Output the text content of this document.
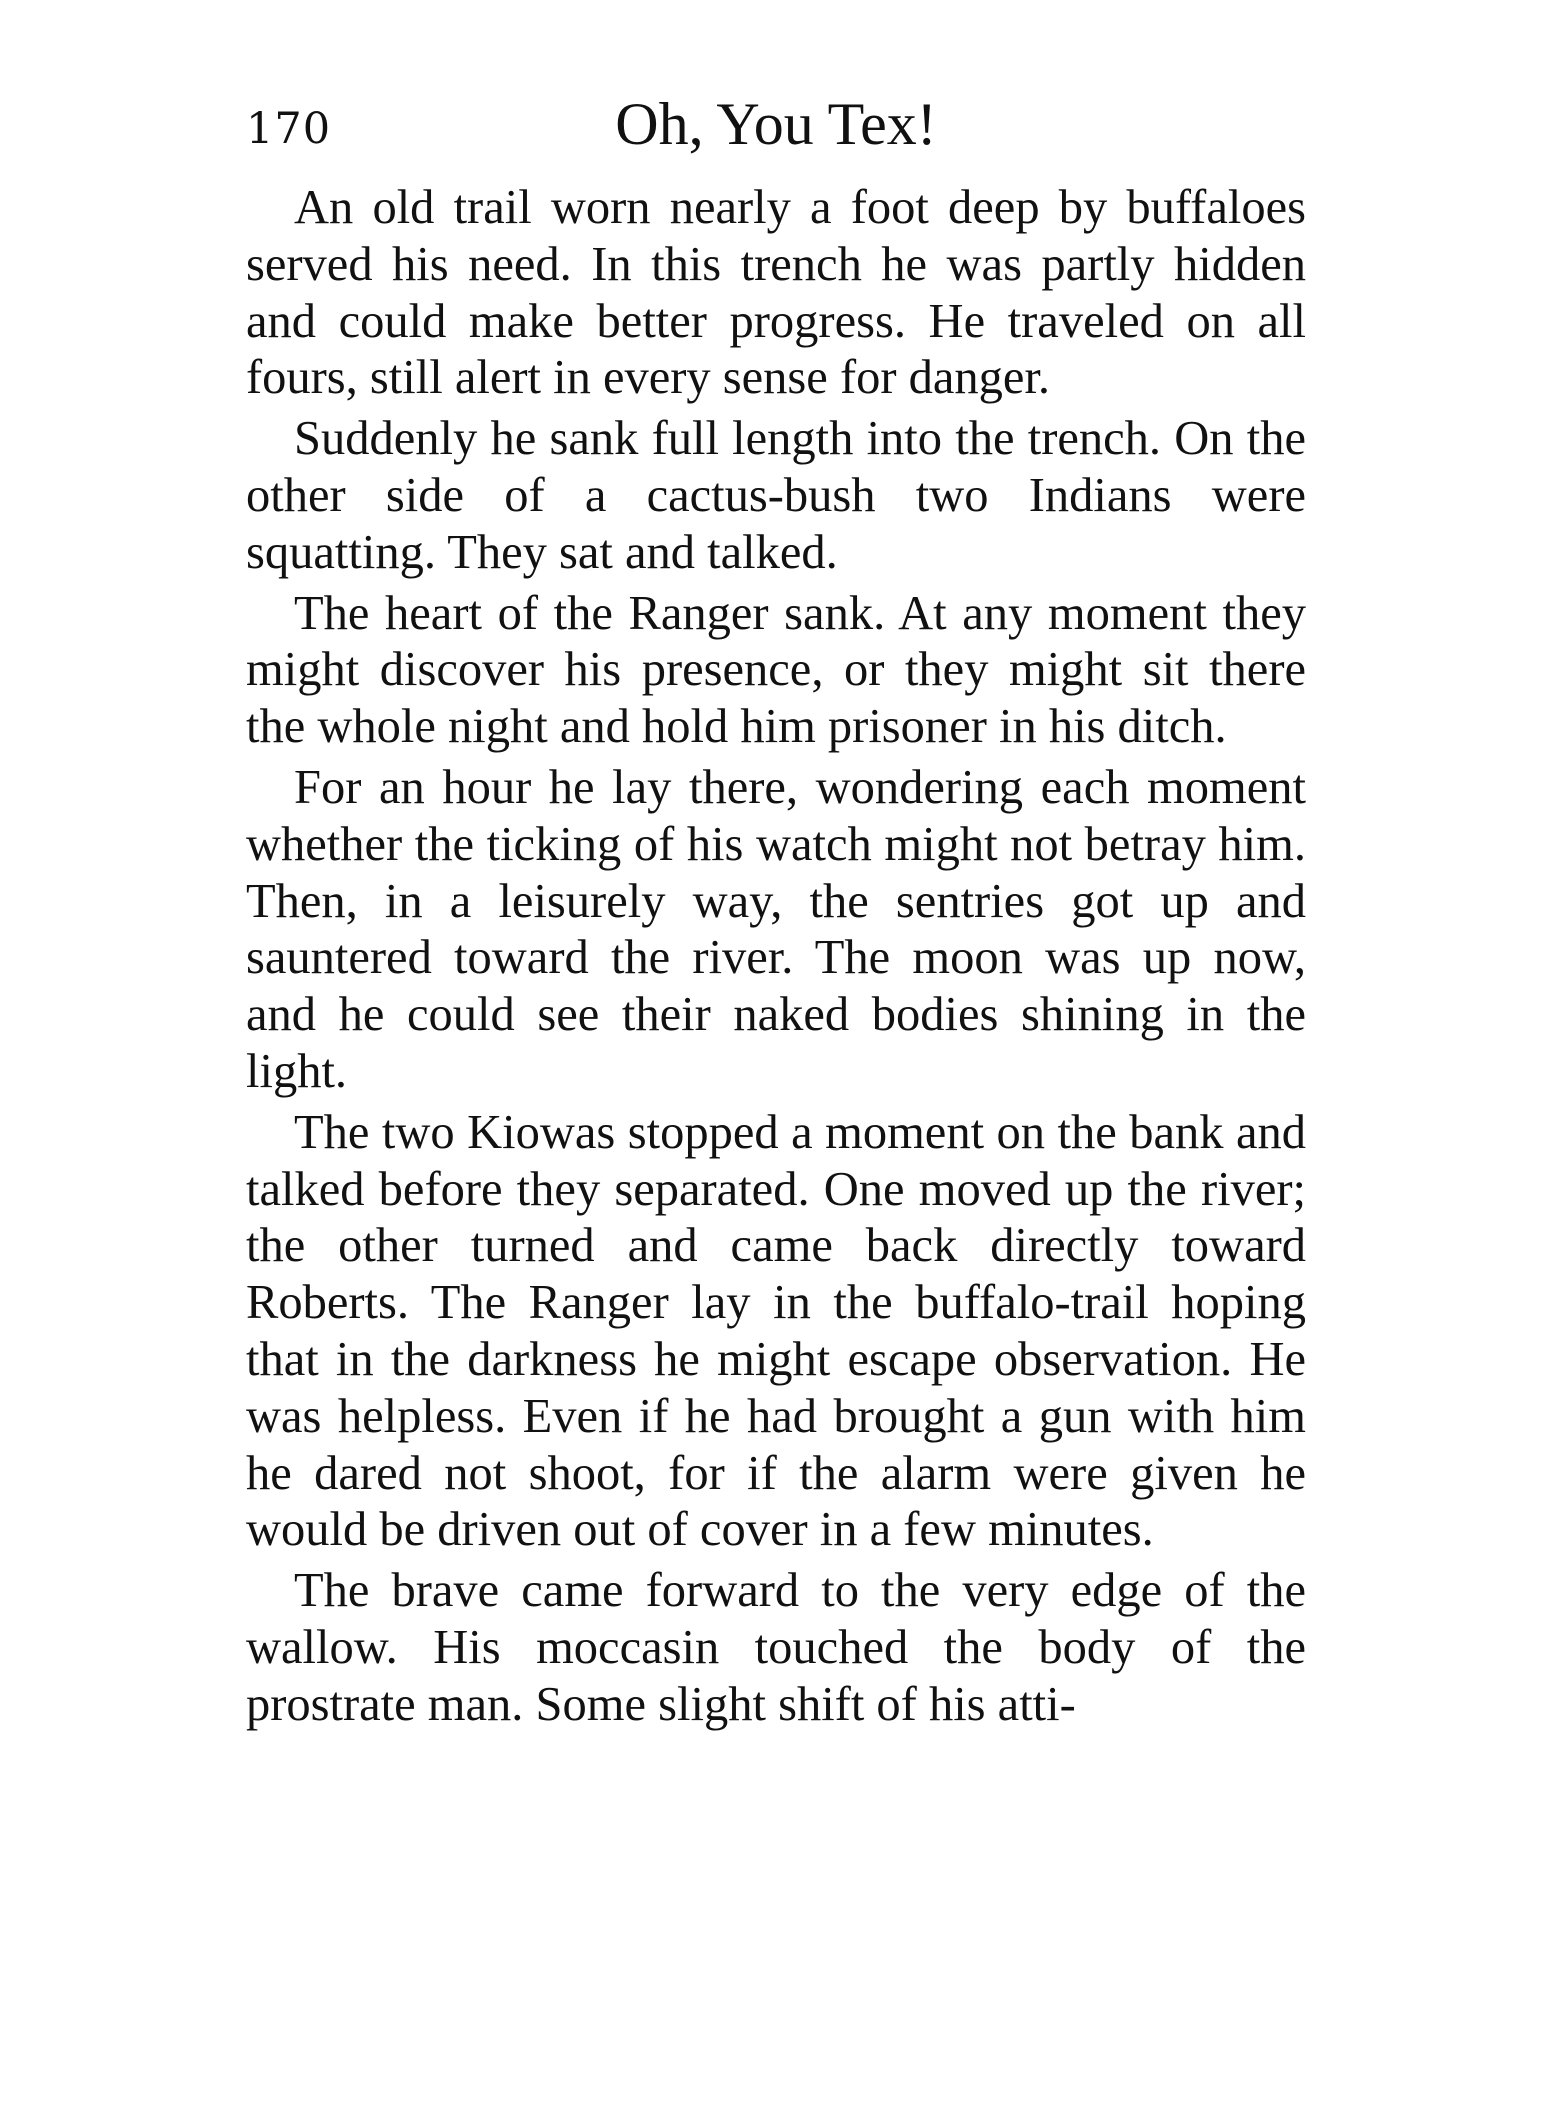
170	Oh, You Tex!

An old trail worn nearly a foot deep by buffaloes served his need. In this trench he was partly hidden and could make better progress. He traveled on all fours, still alert in every sense for danger.

Suddenly he sank full length into the trench. On the other side of a cactus-bush two Indians were squatting. They sat and talked.

The heart of the Ranger sank. At any moment they might discover his presence, or they might sit there the whole night and hold him prisoner in his ditch.

For an hour he lay there, wondering each moment whether the ticking of his watch might not betray him. Then, in a leisurely way, the sentries got up and sauntered toward the river. The moon was up now, and he could see their naked bodies shining in the light.

The two Kiowas stopped a moment on the bank and talked before they separated. One moved up the river; the other turned and came back directly toward Roberts. The Ranger lay in the buffalo-trail hoping that in the darkness he might escape observation. He was helpless. Even if he had brought a gun with him he dared not shoot, for if the alarm were given he would be driven out of cover in a few minutes.

The brave came forward to the very edge of the wallow. His moccasin touched the body of the prostrate man. Some slight shift of his atti-
